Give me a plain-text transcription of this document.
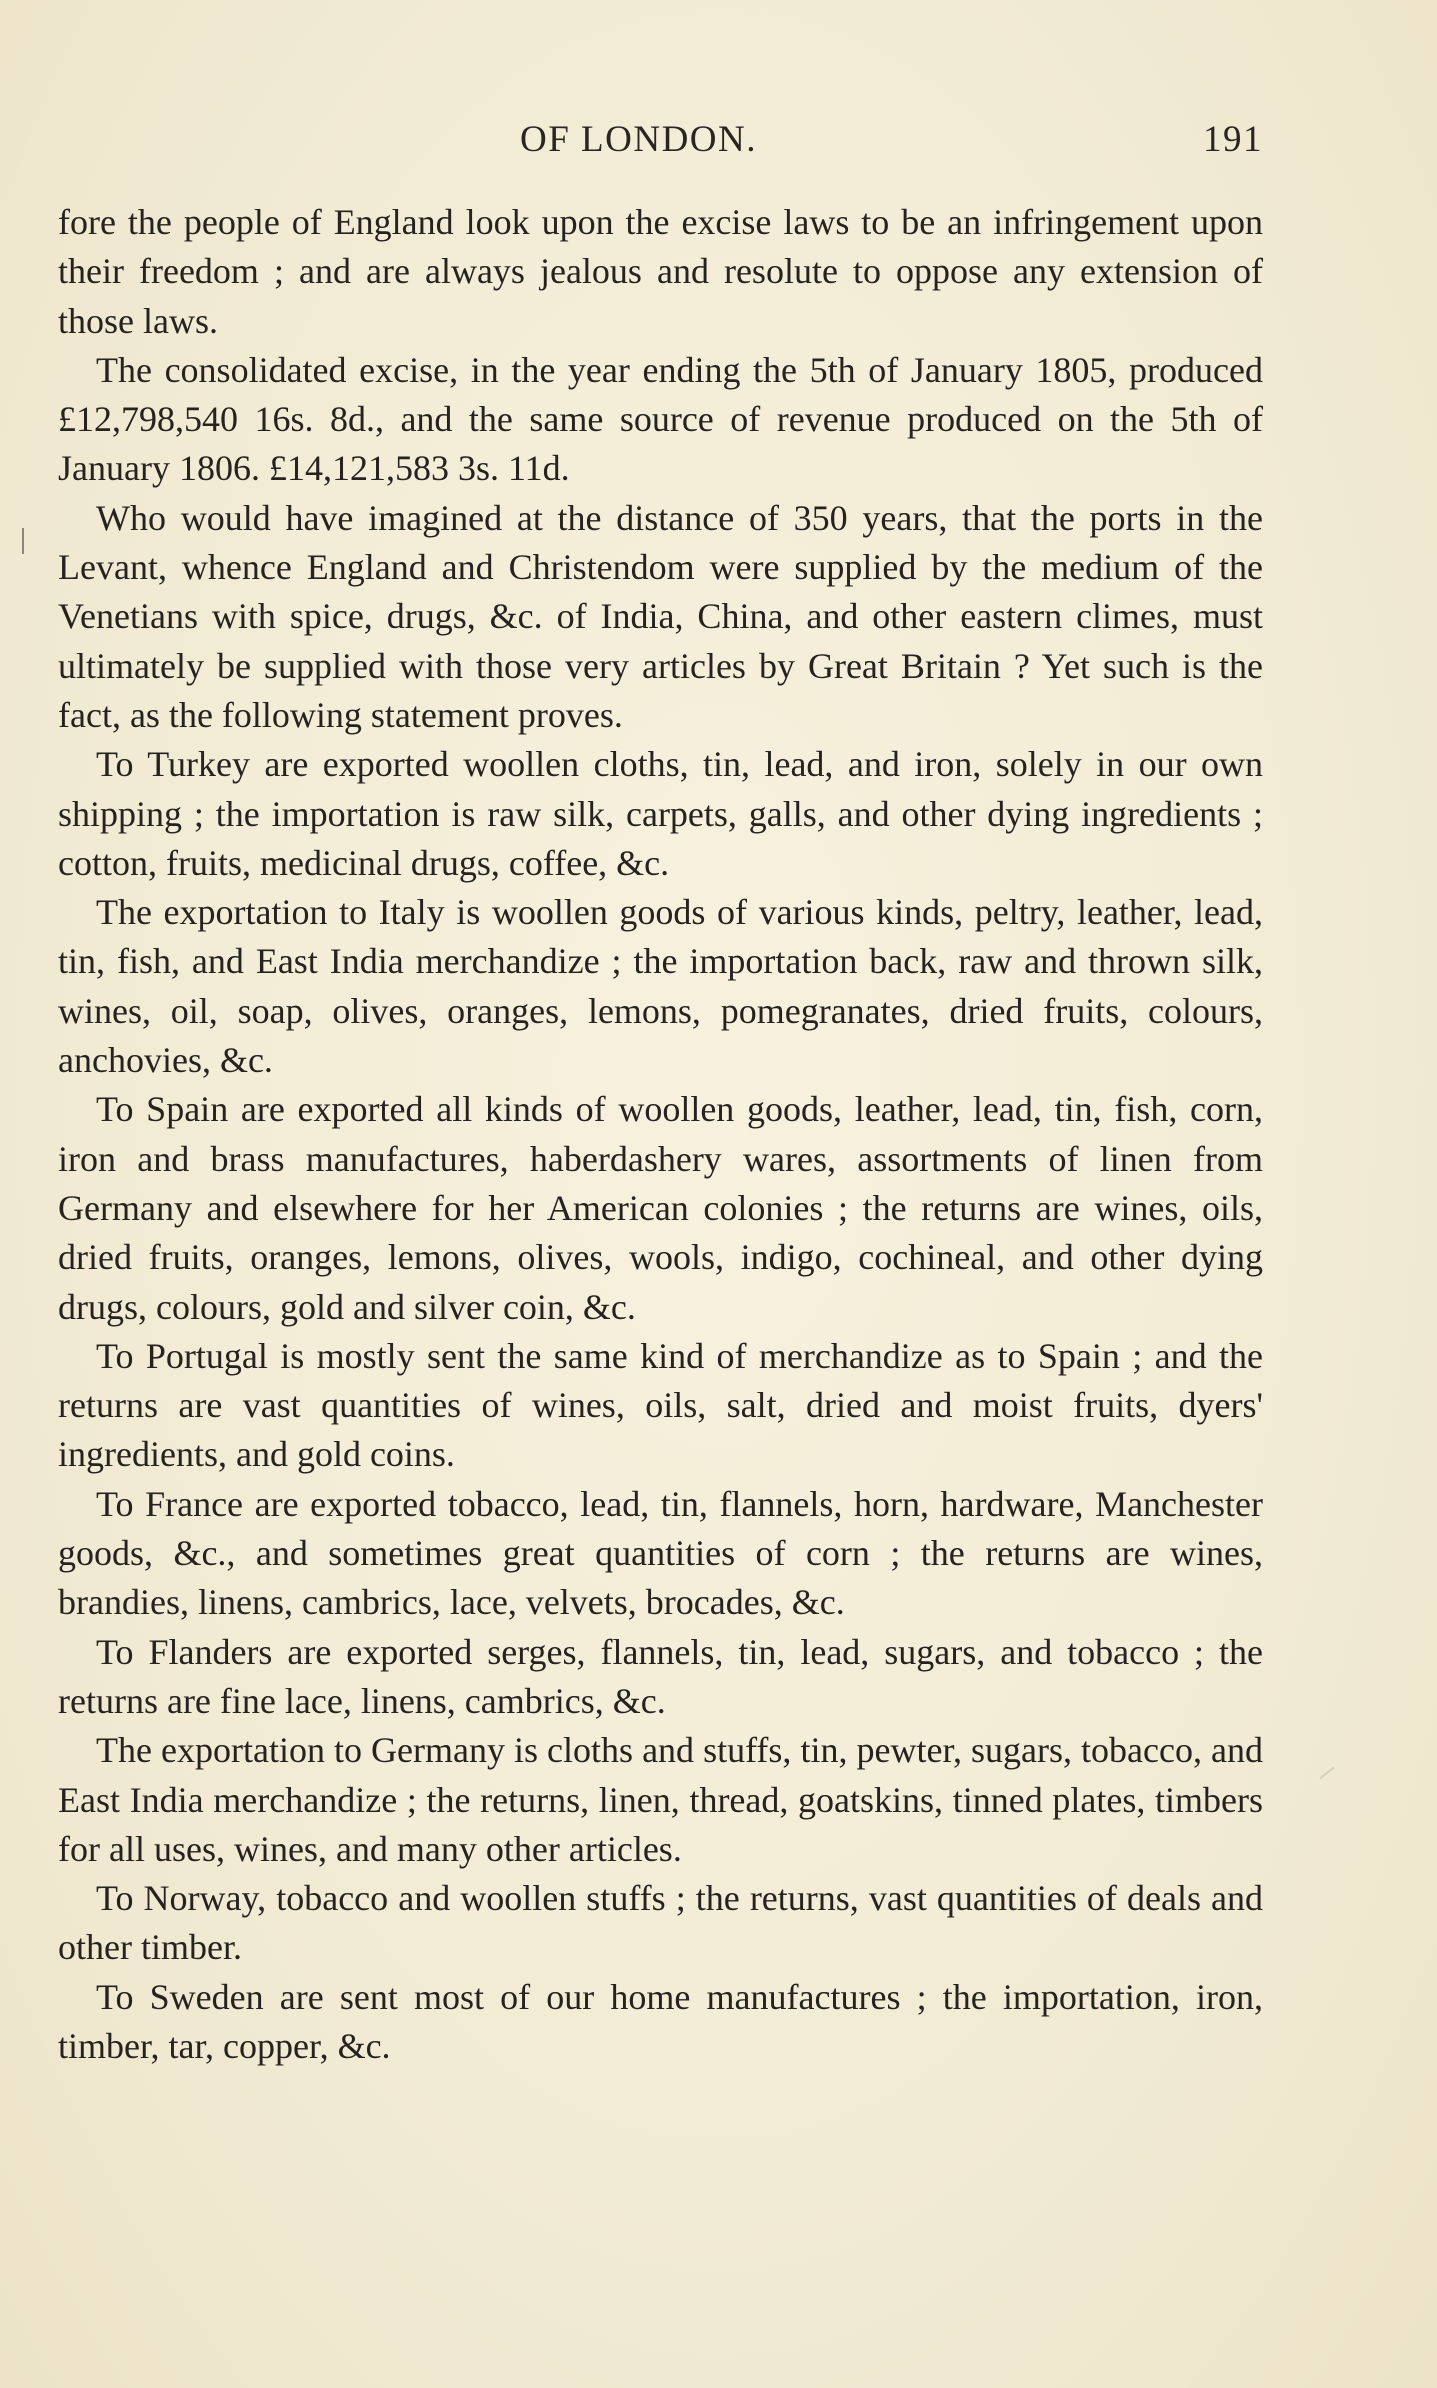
OF LONDON.	191

fore the people of England look upon the excise laws to be an infringement upon their freedom ; and are always jealous and resolute to oppose any extension of those laws.

The consolidated excise, in the year ending the 5th of January 1805, produced £12,798,540 16s. 8d., and the same source of revenue produced on the 5th of January 1806. £14,121,583 3s. 11d.

Who would have imagined at the distance of 350 years, that the ports in the Levant, whence England and Christendom were supplied by the medium of the Venetians with spice, drugs, &c. of India, China, and other eastern climes, must ultimately be supplied with those very articles by Great Britain ? Yet such is the fact, as the following statement proves.

To Turkey are exported woollen cloths, tin, lead, and iron, solely in our own shipping ; the importation is raw silk, carpets, galls, and other dying ingredients ; cotton, fruits, medicinal drugs, coffee, &c.

The exportation to Italy is woollen goods of various kinds, peltry, leather, lead, tin, fish, and East India merchandize ; the importation back, raw and thrown silk, wines, oil, soap, olives, oranges, lemons, pomegranates, dried fruits, colours, anchovies, &c.

To Spain are exported all kinds of woollen goods, leather, lead, tin, fish, corn, iron and brass manufactures, haberdashery wares, assortments of linen from Germany and elsewhere for her American colonies ; the returns are wines, oils, dried fruits, oranges, lemons, olives, wools, indigo, cochineal, and other dying drugs, colours, gold and silver coin, &c.

To Portugal is mostly sent the same kind of merchandize as to Spain ; and the returns are vast quantities of wines, oils, salt, dried and moist fruits, dyers' ingredients, and gold coins.

To France are exported tobacco, lead, tin, flannels, horn, hardware, Manchester goods, &c., and sometimes great quantities of corn ; the returns are wines, brandies, linens, cambrics, lace, velvets, brocades, &c.

To Flanders are exported serges, flannels, tin, lead, sugars, and tobacco ; the returns are fine lace, linens, cambrics, &c.

The exportation to Germany is cloths and stuffs, tin, pewter, sugars, tobacco, and East India merchandize ; the returns, linen, thread, goatskins, tinned plates, timbers for all uses, wines, and many other articles.

To Norway, tobacco and woollen stuffs ; the returns, vast quantities of deals and other timber.

To Sweden are sent most of our home manufactures ; the importation, iron, timber, tar, copper, &c.
